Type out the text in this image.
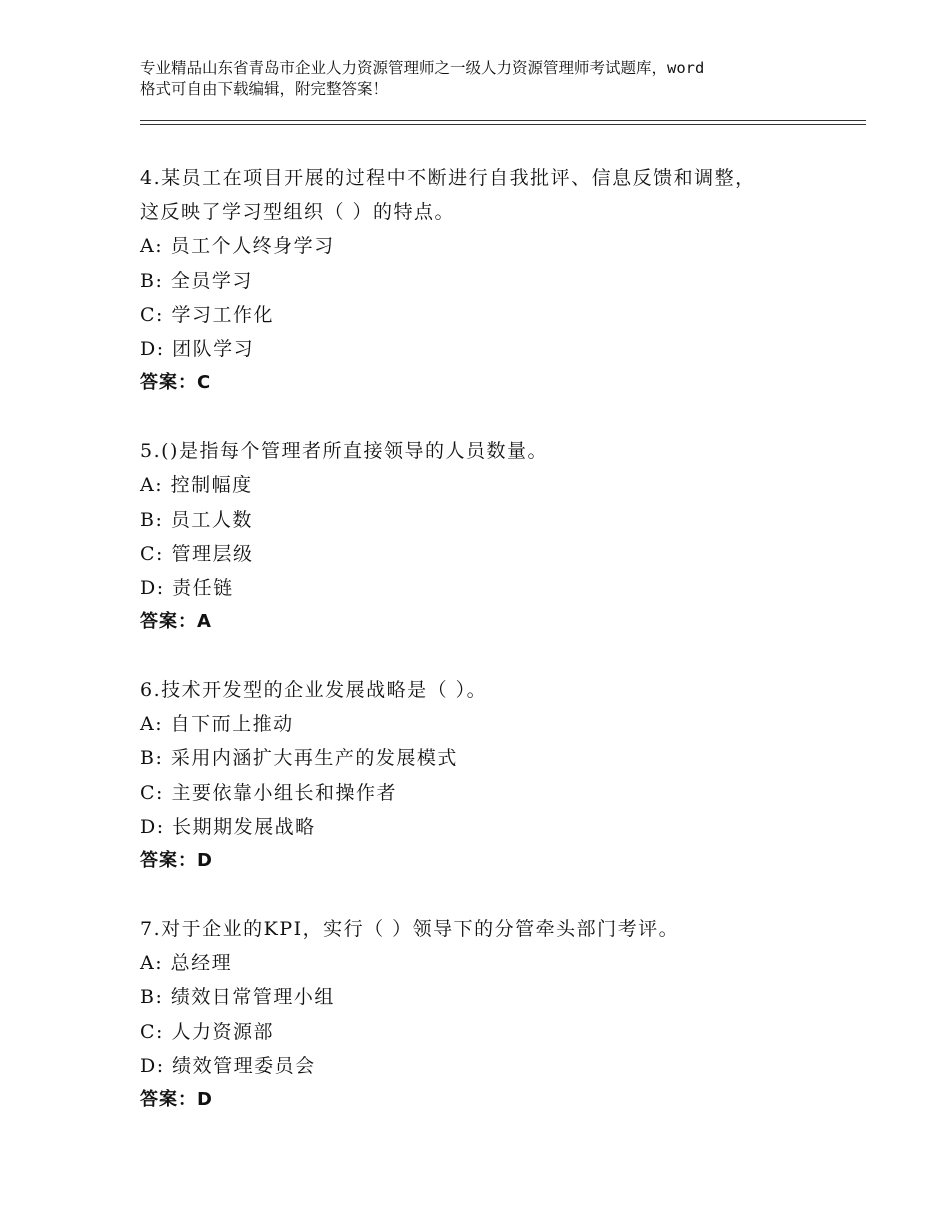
专业精品山东省青岛市企业人力资源管理师之一级人力资源管理师考试题库，word
格式可自由下载编辑，附完整答案！
4.某员工在项目开展的过程中不断进行自我批评、信息反馈和调整，
这反映了学习型组织（ ）的特点。
A: 员工个人终身学习
B: 全员学习
C: 学习工作化
D: 团队学习
答案：C
5.()是指每个管理者所直接领导的人员数量。
A: 控制幅度
B: 员工人数
C: 管理层级
D: 责任链
答案：A
6.技术开发型的企业发展战略是（ ）。
A: 自下而上推动
B: 采用内涵扩大再生产的发展模式
C: 主要依靠小组长和操作者
D: 长期期发展战略
答案：D
7.对于企业的KPI，实行（ ）领导下的分管牵头部门考评。
A: 总经理
B: 绩效日常管理小组
C: 人力资源部
D: 绩效管理委员会
答案：D
